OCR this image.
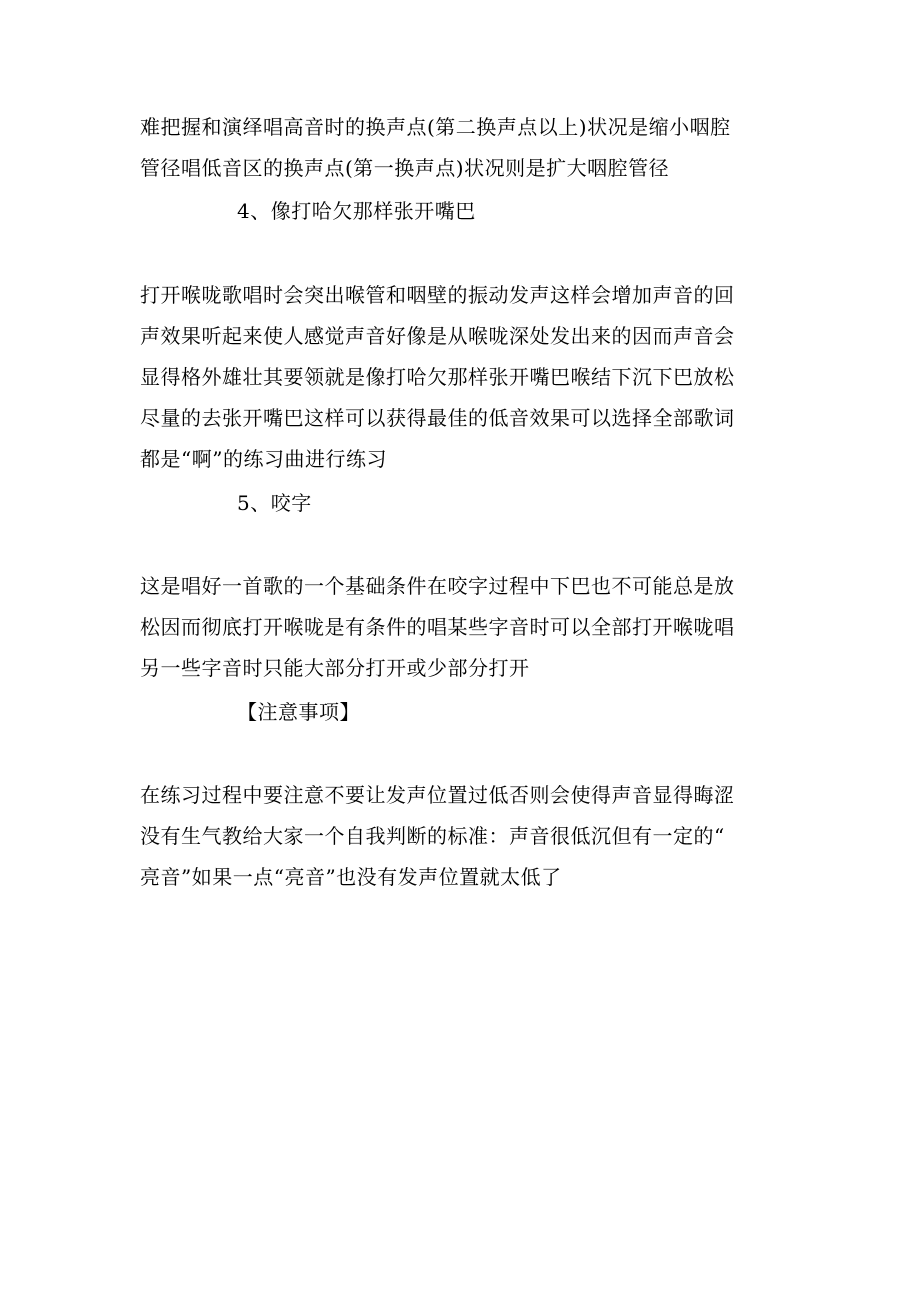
难把握和演绎唱高音时的换声点(第二换声点以上)状况是缩小咽腔
管径唱低音区的换声点(第一换声点)状况则是扩大咽腔管径
4、像打哈欠那样张开嘴巴
打开喉咙歌唱时会突出喉管和咽壁的振动发声这样会增加声音的回
声效果听起来使人感觉声音好像是从喉咙深处发出来的因而声音会
显得格外雄壮其要领就是像打哈欠那样张开嘴巴喉结下沉下巴放松
尽量的去张开嘴巴这样可以获得最佳的低音效果可以选择全部歌词
都是“啊”的练习曲进行练习
5、咬字
这是唱好一首歌的一个基础条件在咬字过程中下巴也不可能总是放
松因而彻底打开喉咙是有条件的唱某些字音时可以全部打开喉咙唱
另一些字音时只能大部分打开或少部分打开
【注意事项】
在练习过程中要注意不要让发声位置过低否则会使得声音显得晦涩
没有生气教给大家一个自我判断的标准：声音很低沉但有一定的“
亮音”如果一点“亮音”也没有发声位置就太低了
